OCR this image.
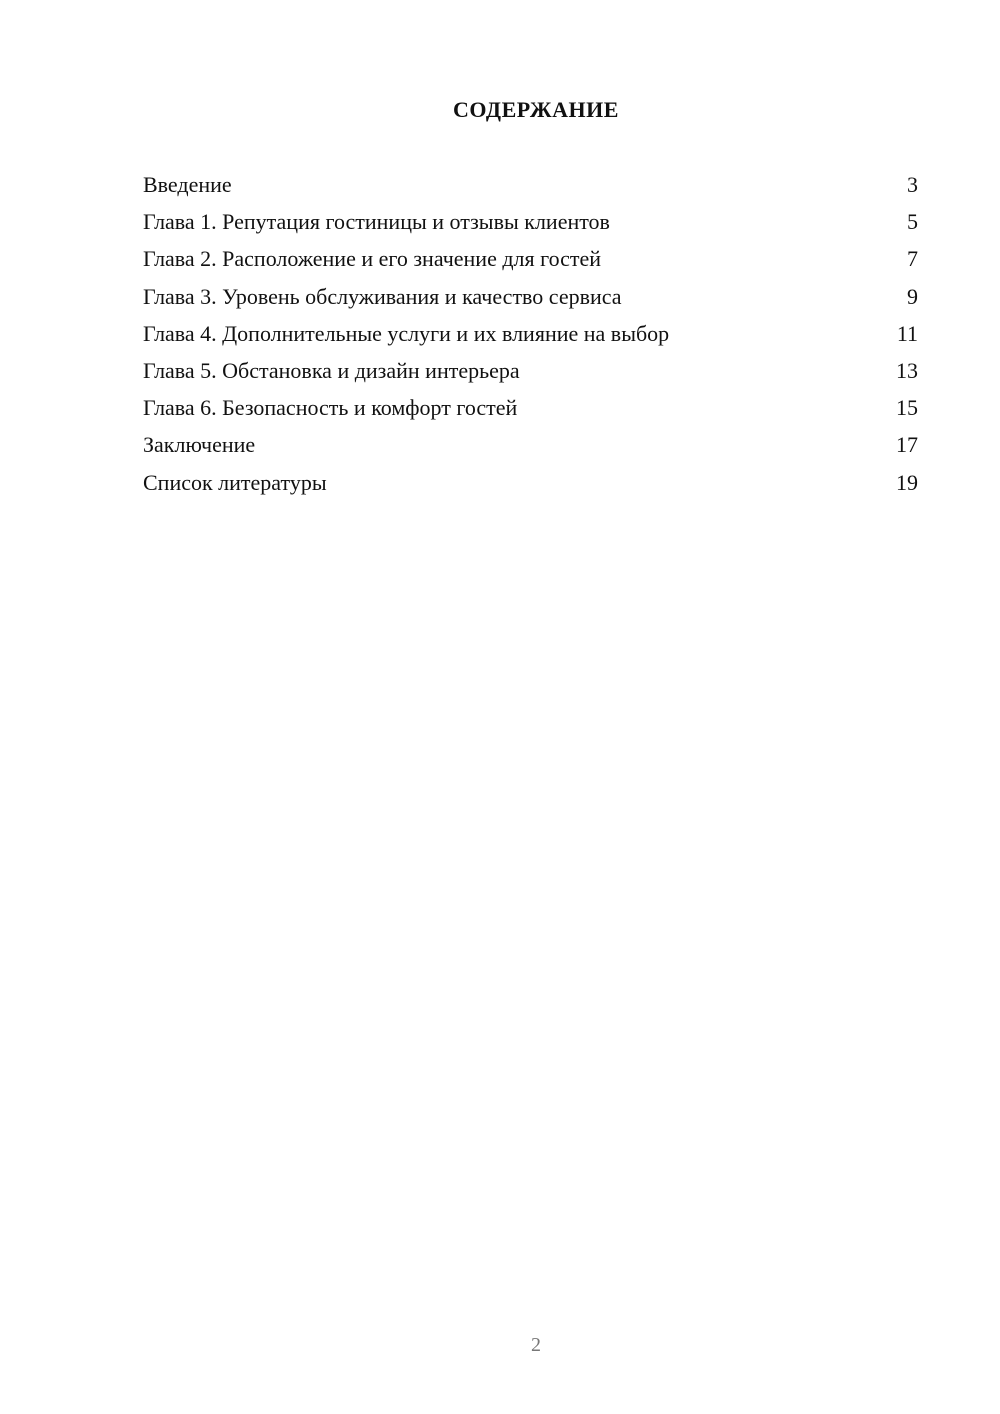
СОДЕРЖАНИЕ
Введение	3
Глава 1. Репутация гостиницы и отзывы клиентов	5
Глава 2. Расположение и его значение для гостей	7
Глава 3. Уровень обслуживания и качество сервиса	9
Глава 4. Дополнительные услуги и их влияние на выбор	11
Глава 5. Обстановка и дизайн интерьера	13
Глава 6. Безопасность и комфорт гостей	15
Заключение	17
Список литературы	19
2
